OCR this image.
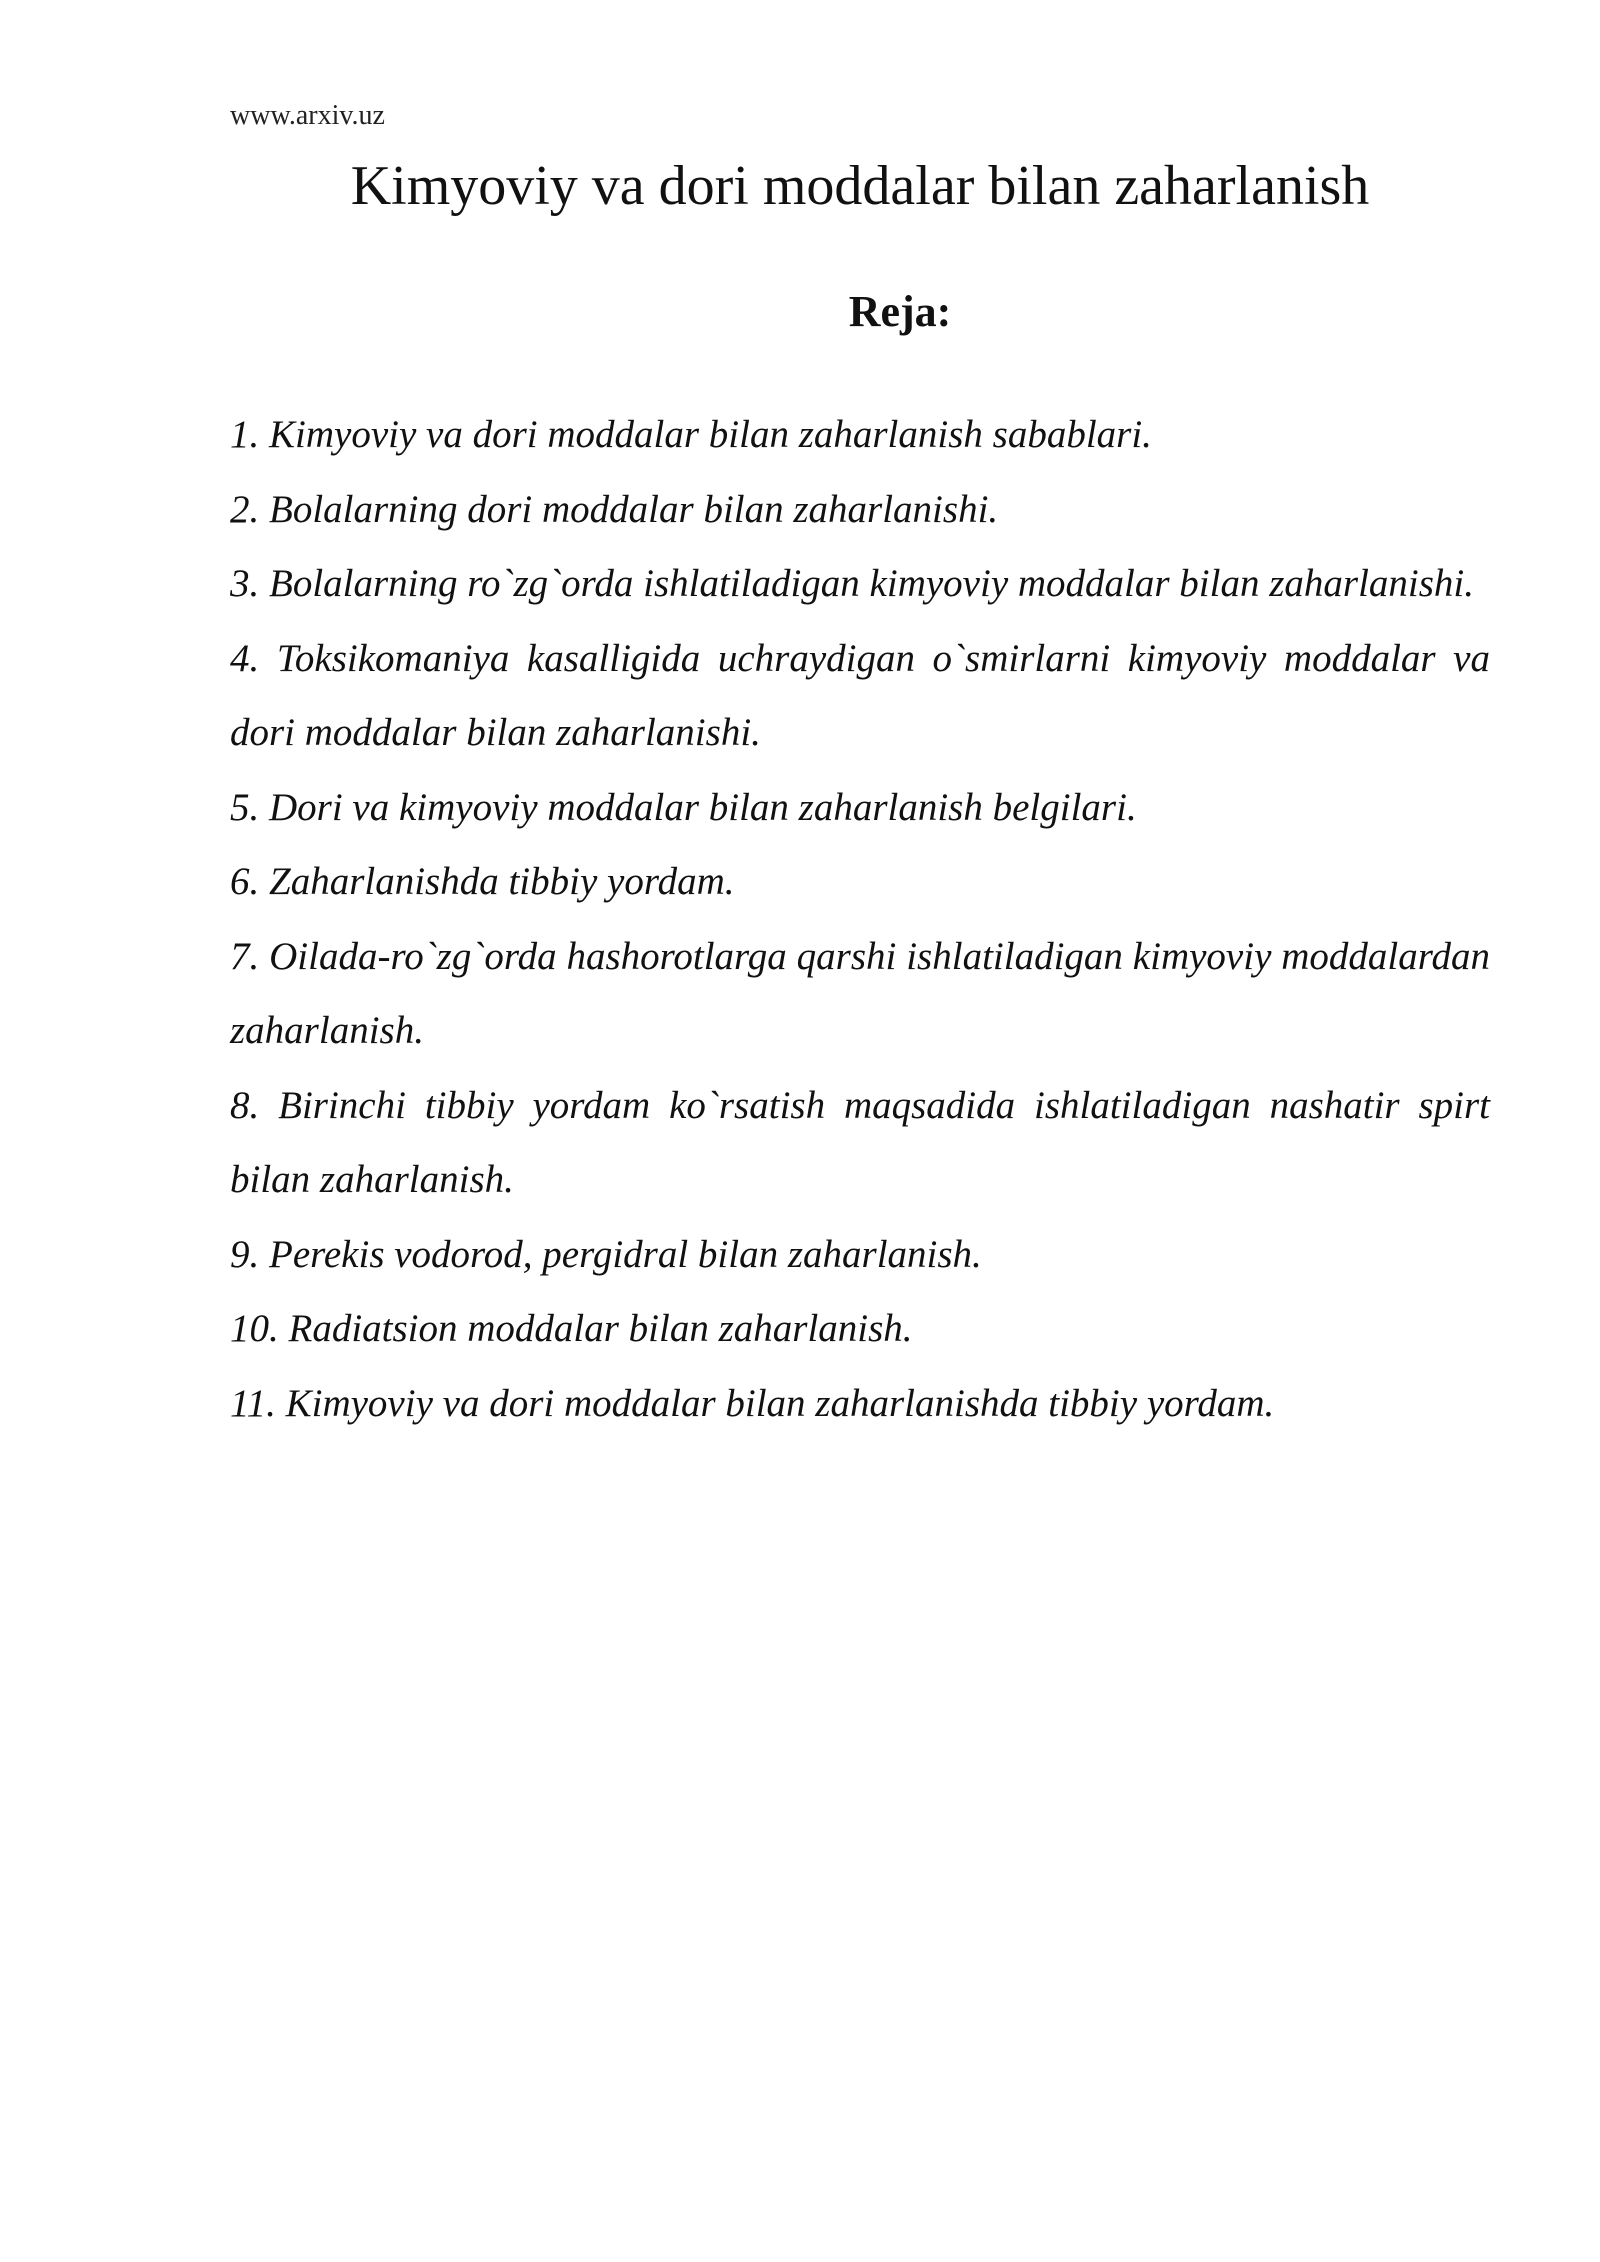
www.arxiv.uz
Kimyoviy va dori moddalar bilan zaharlanish
Reja:
1. Kimyoviy va dori moddalar bilan zaharlanish sabablari.
2. Bolalarning dori moddalar bilan zaharlanishi.
3. Bolalarning ro`zg`orda ishlatiladigan kimyoviy moddalar bilan zaharlanishi.
4. Toksikomaniya kasalligida uchraydigan o`smirlarni kimyoviy moddalar va dori moddalar bilan zaharlanishi.
5. Dori va kimyoviy moddalar bilan zaharlanish belgilari.
6. Zaharlanishda tibbiy yordam.
7. Oilada-ro`zg`orda hashorotlarga qarshi ishlatiladigan kimyoviy moddalardan zaharlanish.
8. Birinchi tibbiy yordam ko`rsatish maqsadida ishlatiladigan nashatir spirt bilan zaharlanish.
9. Perekis vodorod, pergidral bilan zaharlanish.
10. Radiatsion moddalar bilan zaharlanish.
11. Kimyoviy va dori moddalar bilan zaharlanishda tibbiy yordam.
